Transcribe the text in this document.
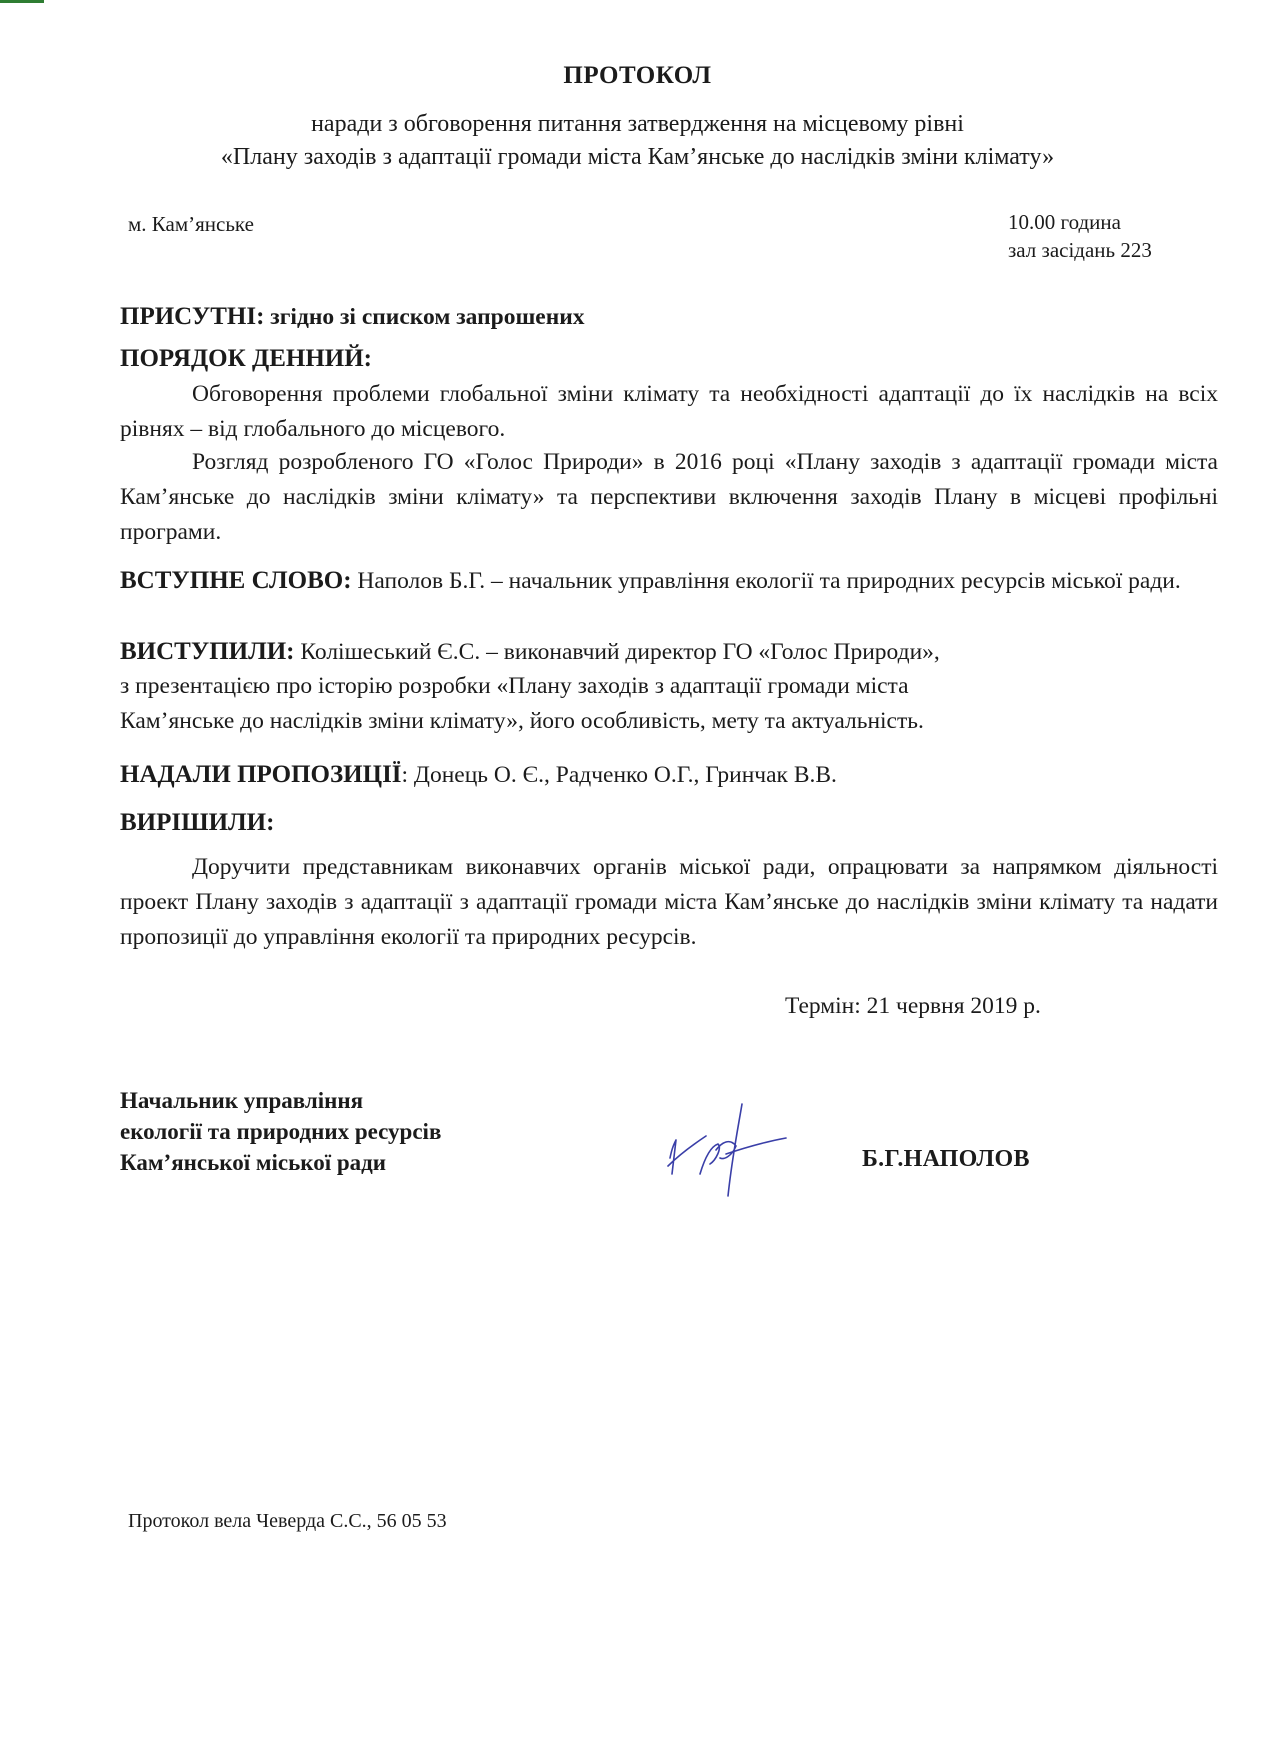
ПРОТОКОЛ
наради з обговорення питання затвердження на місцевому рівні
«Плану заходів з адаптації громади міста Кам’янське до наслідків зміни клімату»
м. Кам’янське	10.00 година
зал засідань 223
ПРИСУТНІ: згідно зі списком запрошених
ПОРЯДОК ДЕННИЙ:
Обговорення проблеми глобальної зміни клімату та необхідності адаптації до їх наслідків на всіх рівнях – від глобального до місцевого.
Розгляд розробленого ГО «Голос Природи» в 2016 році «Плану заходів з адаптації громади міста Кам’янське до наслідків зміни клімату» та перспективи включення заходів Плану в місцеві профільні програми.
ВСТУПНЕ СЛОВО: Наполов Б.Г. – начальник управління екології та природних ресурсів міської ради.
ВИСТУПИЛИ: Колішеський Є.С. – виконавчий директор ГО «Голос Природи»,
з презентацією про історію розробки «Плану заходів з адаптації громади міста
Кам’янське до наслідків зміни клімату», його особливість, мету та актуальність.
НАДАЛИ ПРОПОЗИЦІЇ: Донець О. Є., Радченко О.Г., Гринчак В.В.
ВИРІШИЛИ:
Доручити представникам виконавчих органів міської ради, опрацювати за напрямком діяльності проект Плану заходів з адаптації з адаптації громади міста Кам’янське до наслідків зміни клімату та надати пропозиції до управління екології та природних ресурсів.
Термін: 21 червня 2019 р.
Начальник управління
екології та природних ресурсів
Кам’янської міської ради	Б.Г.НАПОЛОВ
Протокол вела Чеверда С.С., 56 05 53
